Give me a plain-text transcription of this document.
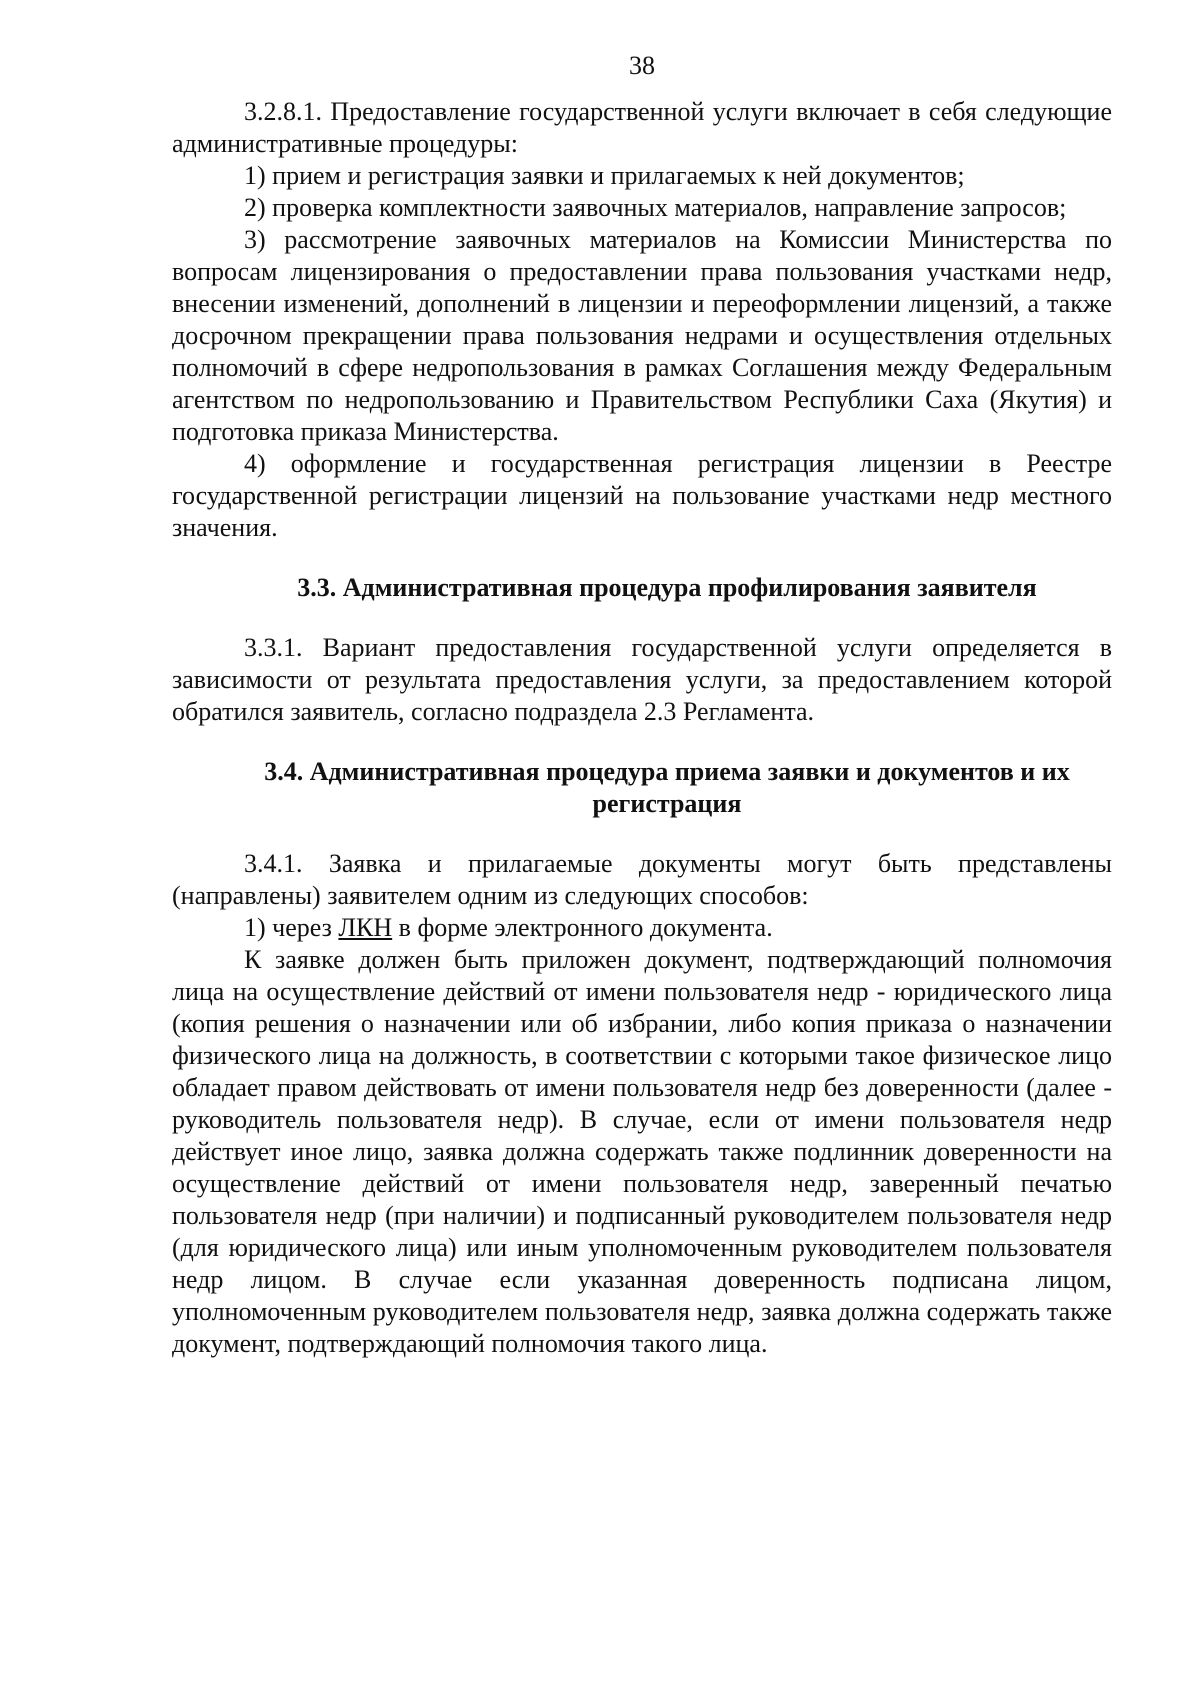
38

3.2.8.1. Предоставление государственной услуги включает в себя следующие административные процедуры:

1) прием и регистрация заявки и прилагаемых к ней документов;

2) проверка комплектности заявочных материалов, направление запросов;

3) рассмотрение заявочных материалов на Комиссии Министерства по вопросам лицензирования о предоставлении права пользования участками недр, внесении изменений, дополнений в лицензии и переоформлении лицензий, а также досрочном прекращении права пользования недрами и осуществления отдельных полномочий в сфере недропользования в рамках Соглашения между Федеральным агентством по недропользованию и Правительством Республики Саха (Якутия) и подготовка приказа Министерства.

4) оформление и государственная регистрация лицензии в Реестре государственной регистрации лицензий на пользование участками недр местного значения.

3.3. Административная процедура профилирования заявителя

3.3.1. Вариант предоставления государственной услуги определяется в зависимости от результата предоставления услуги, за предоставлением которой обратился заявитель, согласно подраздела 2.3 Регламента.

3.4. Административная процедура приема заявки и документов и их регистрация

3.4.1. Заявка и прилагаемые документы могут быть представлены (направлены) заявителем одним из следующих способов:

1) через ЛКН в форме электронного документа.

К заявке должен быть приложен документ, подтверждающий полномочия лица на осуществление действий от имени пользователя недр - юридического лица (копия решения о назначении или об избрании, либо копия приказа о назначении физического лица на должность, в соответствии с которыми такое физическое лицо обладает правом действовать от имени пользователя недр без доверенности (далее - руководитель пользователя недр). В случае, если от имени пользователя недр действует иное лицо, заявка должна содержать также подлинник доверенности на осуществление действий от имени пользователя недр, заверенный печатью пользователя недр (при наличии) и подписанный руководителем пользователя недр (для юридического лица) или иным уполномоченным руководителем пользователя недр лицом. В случае если указанная доверенность подписана лицом, уполномоченным руководителем пользователя недр, заявка должна содержать также документ, подтверждающий полномочия такого лица.
